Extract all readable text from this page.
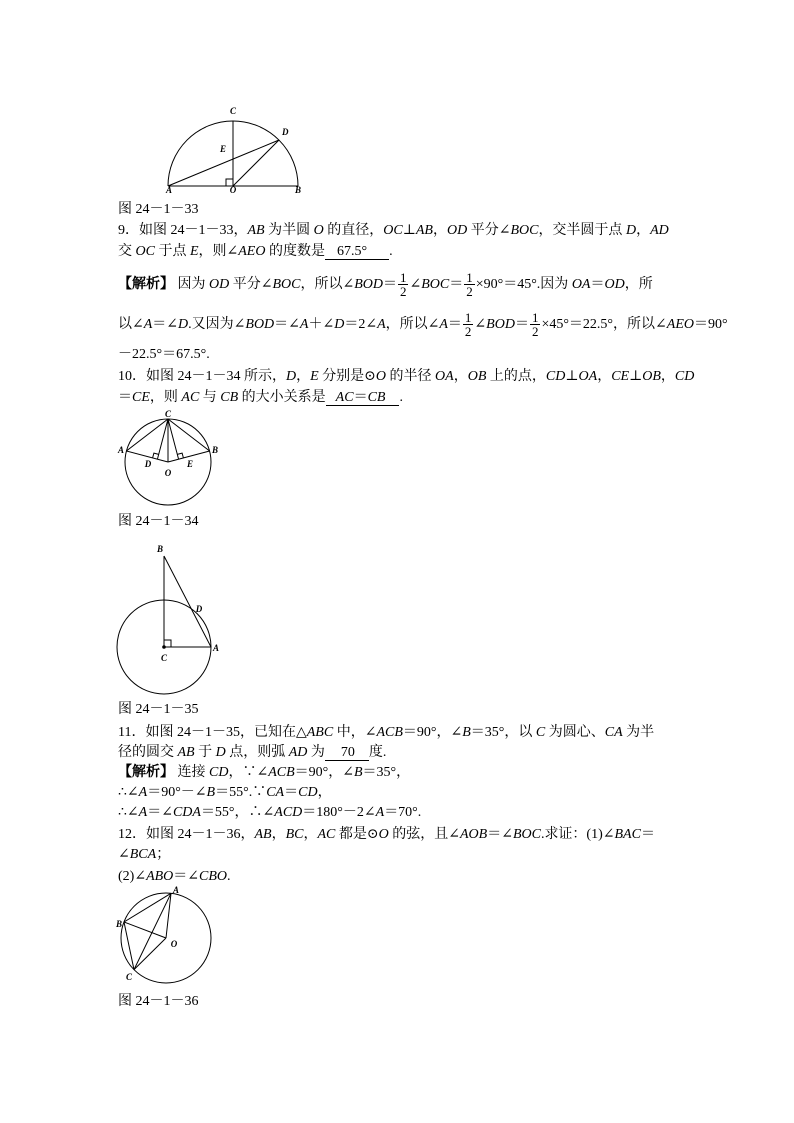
C
D
E
A	O	B
图 24－1－33
9．如图 24－1－33，AB 为半圆 O 的直径，OC⊥AB，OD 平分∠BOC，交半圆于点 D，AD
交 OC 于点 E，则∠AEO 的度数是 67.5° .
【解析】 因为 OD 平分∠BOC，所以∠BOD＝ $\frac{1}{2}$ ∠BOC＝ $\frac{1}{2} \times 90^\circ=45^\circ$.因为 OA＝OD，所
以∠A＝∠D.又因为∠BOD＝∠A＋∠D＝2∠A，所以∠A＝ $\frac{1}{2}$ ∠BOD＝ $\frac{1}{2} \times 45^\circ=22.5^\circ$，所以∠AEO＝90°
－22.5°＝67.5°.
10．如图 24－1－34 所示，D，E 分别是⊙O 的半径 OA，OB 上的点，CD⊥OA，CE⊥OB，CD
＝CE，则 AC 与 CB 的大小关系是 AC＝CB .
C
A	B
D
O
E
图 24－1－34
B
D
C
A
图 24－1－35
11．如图 24－1－35，已知在△ABC 中，∠ACB＝90°，∠B＝35°，以 C 为圆心、CA 为半
径的圆交 AB 于 D 点，则弧 AD 为 70 度.
【解析】 连接 CD，∵∠ACB＝90°，∠B＝35°，
∴∠A＝90°－∠B＝55°.∵CA＝CD，
∴∠A＝∠CDA＝55°，∴∠ACD＝180°－2∠A＝70°.
12．如图 24－1－36，AB，BC，AC 都是⊙O 的弦，且∠AOB＝∠BOC.求证：(1)∠BAC＝
∠BCA；
(2)∠ABO＝∠CBO.
A
B
O
C
图 24－1－36
